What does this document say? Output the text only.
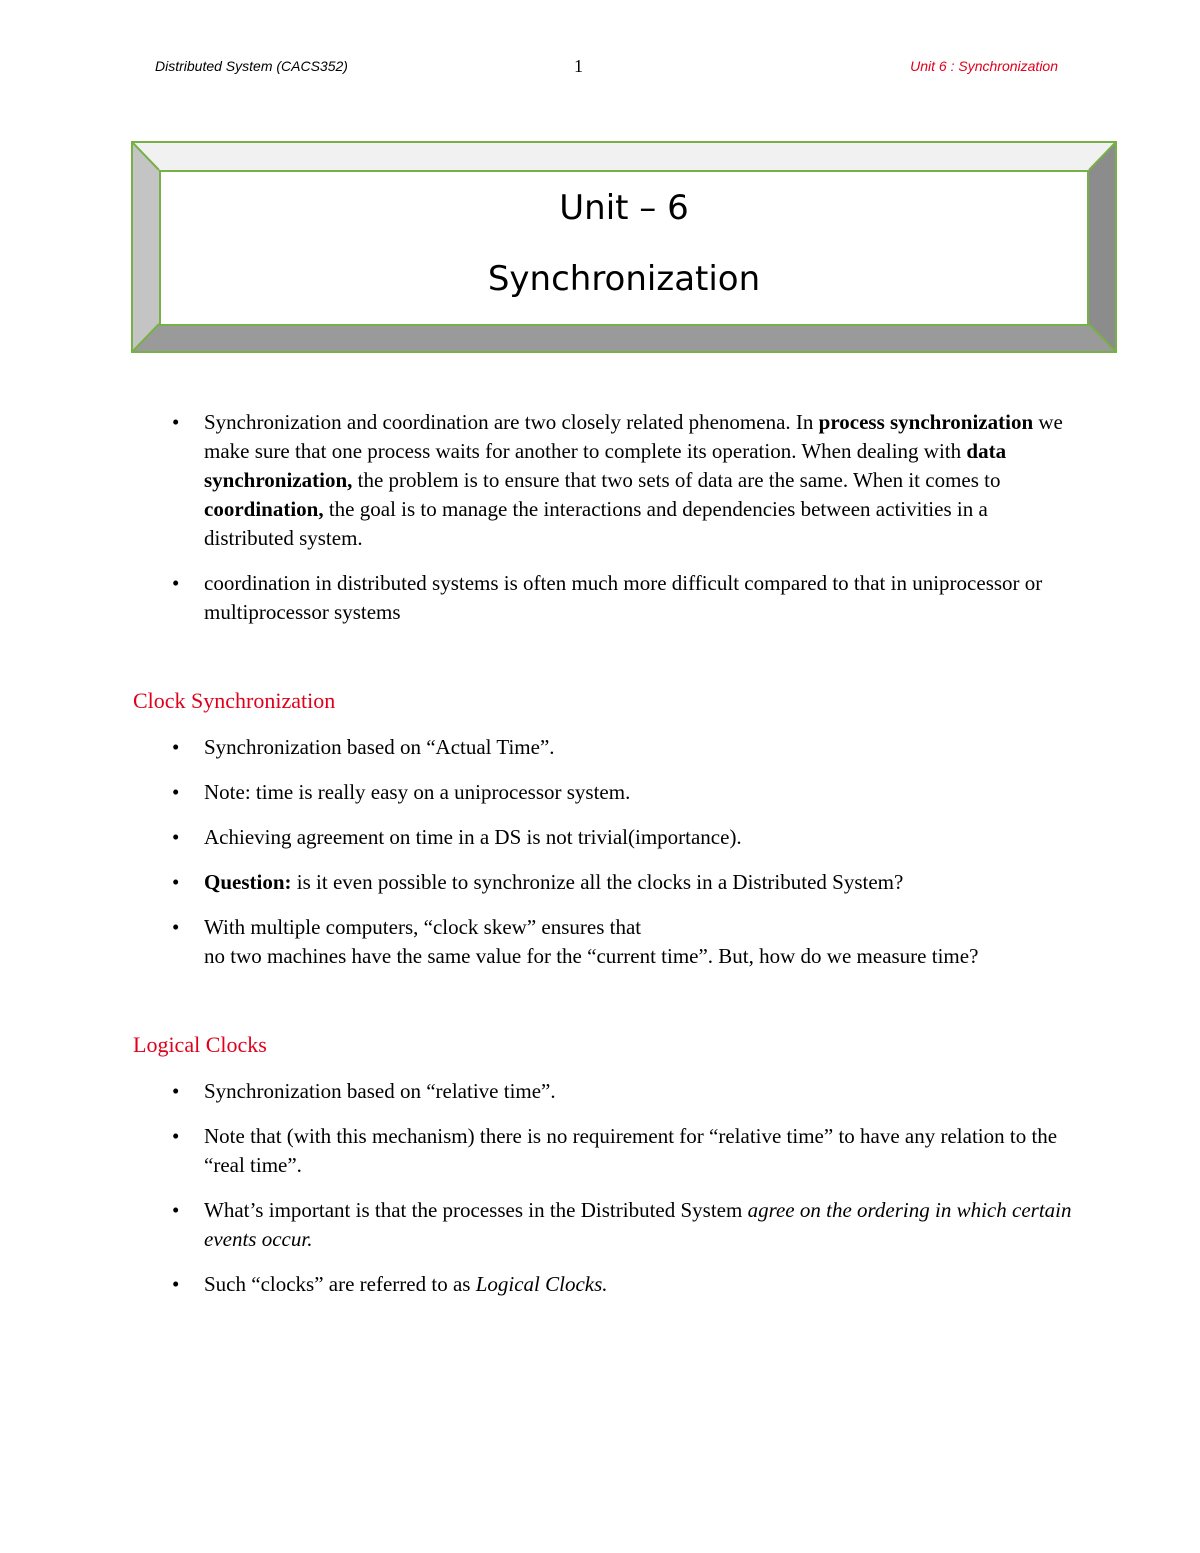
Distributed System (CACS352)	1	Unit 6 : Synchronization
Unit – 6
Synchronization
• Synchronization and coordination are two closely related phenomena. In process synchronization we make sure that one process waits for another to complete its operation. When dealing with data synchronization, the problem is to ensure that two sets of data are the same. When it comes to coordination, the goal is to manage the interactions and dependencies between activities in a distributed system.
• coordination in distributed systems is often much more difficult compared to that in uniprocessor or multiprocessor systems
Clock Synchronization
• Synchronization based on “Actual Time”.
• Note: time is really easy on a uniprocessor system.
• Achieving agreement on time in a DS is not trivial(importance).
• Question: is it even possible to synchronize all the clocks in a Distributed System?
• With multiple computers, “clock skew” ensures that
no two machines have the same value for the “current time”. But, how do we measure time?
Logical Clocks
• Synchronization based on “relative time”.
• Note that (with this mechanism) there is no requirement for “relative time” to have any relation to the “real time”.
• What’s important is that the processes in the Distributed System agree on the ordering in which certain events occur.
• Such “clocks” are referred to as Logical Clocks.
